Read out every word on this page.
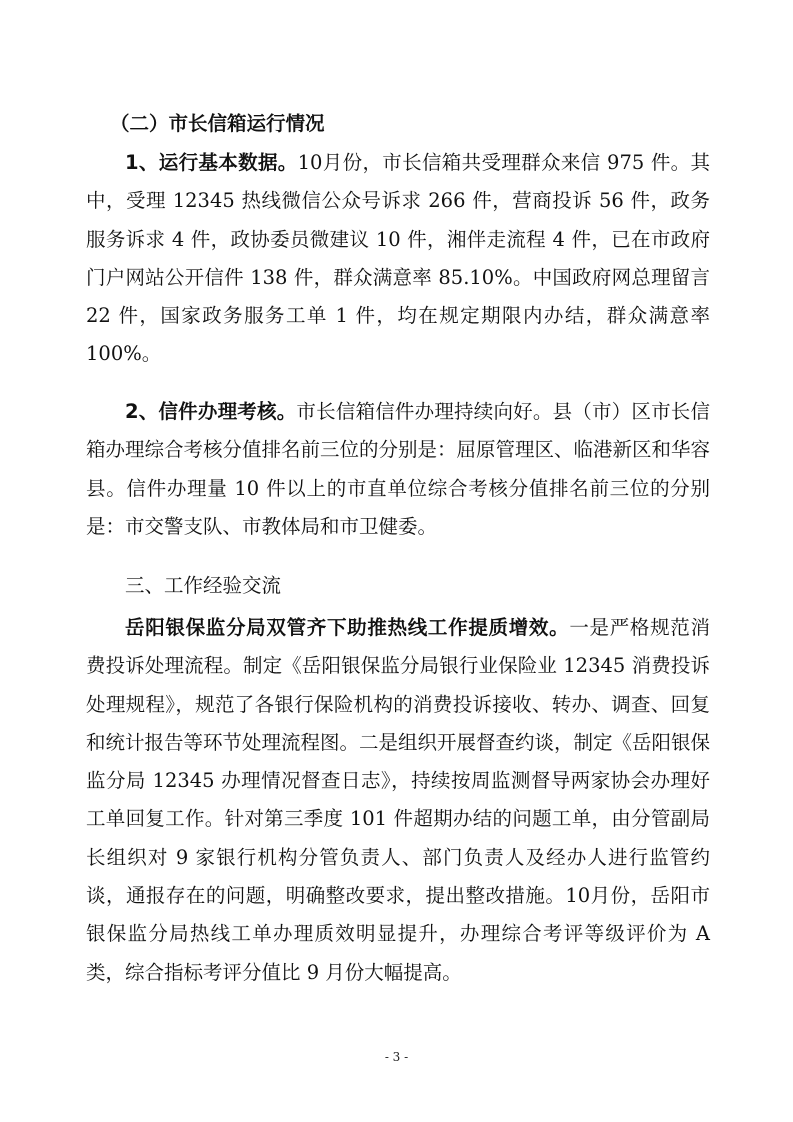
（二）市长信箱运行情况

1、运行基本数据。10月份，市长信箱共受理群众来信 975 件。其中，受理 12345 热线微信公众号诉求 266 件，营商投诉 56 件，政务服务诉求 4 件，政协委员微建议 10 件，湘伴走流程 4 件，已在市政府门户网站公开信件 138 件，群众满意率 85.10%。中国政府网总理留言 22 件，国家政务服务工单 1 件，均在规定期限内办结，群众满意率 100%。

2、信件办理考核。市长信箱信件办理持续向好。县（市）区市长信箱办理综合考核分值排名前三位的分别是：屈原管理区、临港新区和华容县。信件办理量 10 件以上的市直单位综合考核分值排名前三位的分别是：市交警支队、市教体局和市卫健委。

三、工作经验交流

岳阳银保监分局双管齐下助推热线工作提质增效。一是严格规范消费投诉处理流程。制定《岳阳银保监分局银行业保险业 12345 消费投诉处理规程》，规范了各银行保险机构的消费投诉接收、转办、调查、回复和统计报告等环节处理流程图。二是组织开展督查约谈，制定《岳阳银保监分局 12345 办理情况督查日志》，持续按周监测督导两家协会办理好工单回复工作。针对第三季度 101 件超期办结的问题工单，由分管副局长组织对 9 家银行机构分管负责人、部门负责人及经办人进行监管约谈，通报存在的问题，明确整改要求，提出整改措施。10月份，岳阳市银保监分局热线工单办理质效明显提升，办理综合考评等级评价为 A 类，综合指标考评分值比 9 月份大幅提高。

- 3 -
